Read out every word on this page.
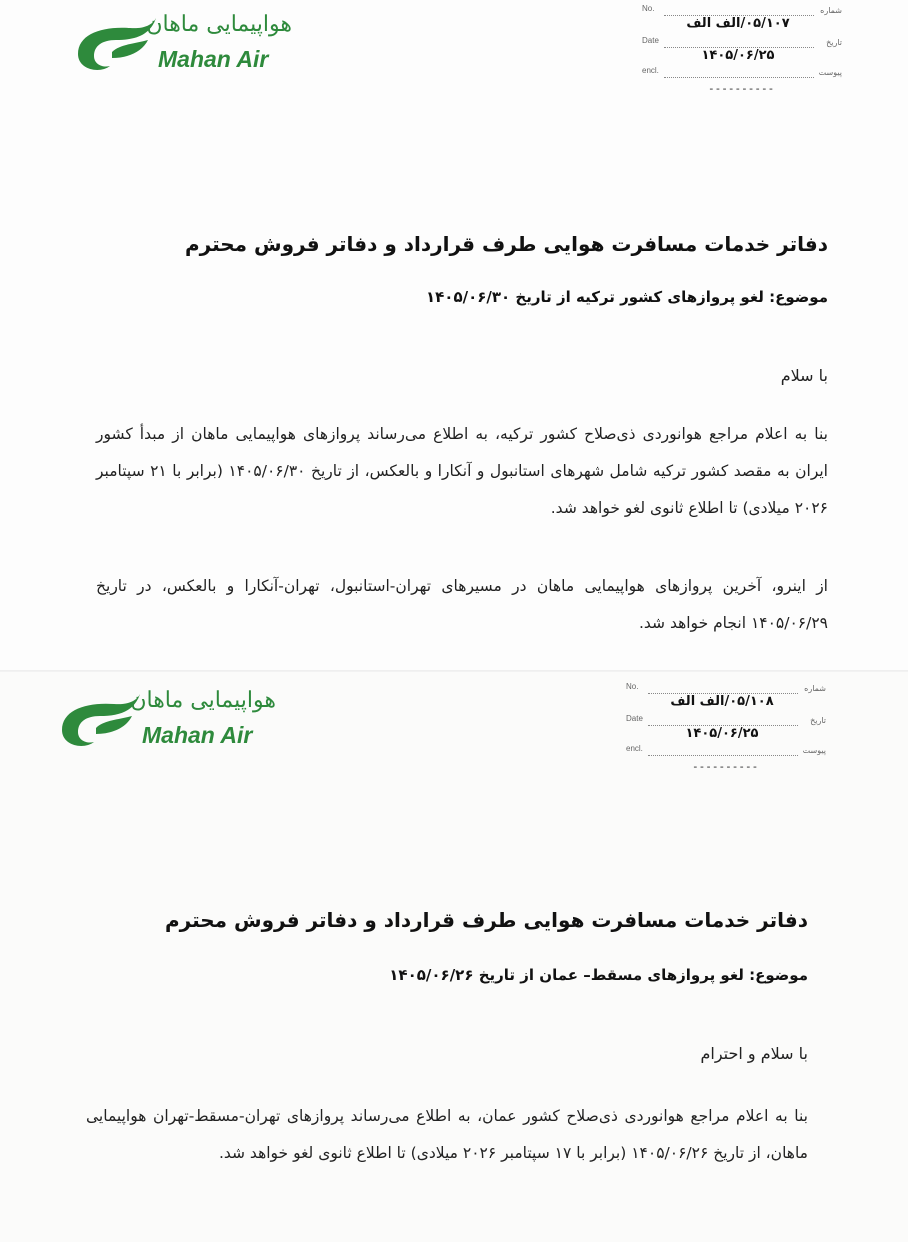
هواپیمایی ماهان
Mahan Air
No.	شماره
۰۵/۱۰۷/الف الف
Date	تاریخ
۱۴۰۵/۰۶/۲۵
encl.	پیوست
----------
دفاتر خدمات مسافرت هوایی طرف قرارداد و دفاتر فروش محترم
موضوع: لغو پروازهای کشور ترکیه از تاریخ ۱۴۰۵/۰۶/۳۰
با سلام
بنا به اعلام مراجع هوانوردی ذی‌صلاح کشور ترکیه، به اطلاع می‌رساند پروازهای هواپیمایی ماهان از مبدأ کشور ایران به مقصد کشور ترکیه شامل شهرهای استانبول و آنکارا و بالعکس، از تاریخ ۱۴۰۵/۰۶/۳۰ (برابر با ۲۱ سپتامبر ۲۰۲۶ میلادی) تا اطلاع ثانوی لغو خواهد شد.
از اینرو، آخرین پروازهای هواپیمایی ماهان در مسیرهای تهران-استانبول، تهران-آنکارا و بالعکس، در تاریخ ۱۴۰۵/۰۶/۲۹ انجام خواهد شد.
هواپیمایی ماهان
Mahan Air
No.	شماره
۰۵/۱۰۸/الف الف
Date	تاریخ
۱۴۰۵/۰۶/۲۵
encl.	پیوست
----------
دفاتر خدمات مسافرت هوایی طرف قرارداد و دفاتر فروش محترم
موضوع: لغو پروازهای مسقط– عمان از تاریخ ۱۴۰۵/۰۶/۲۶
با سلام و احترام
بنا به اعلام مراجع هوانوردی ذی‌صلاح کشور عمان، به اطلاع می‌رساند پروازهای تهران-مسقط-تهران هواپیمایی ماهان، از تاریخ ۱۴۰۵/۰۶/۲۶ (برابر با ۱۷ سپتامبر ۲۰۲۶ میلادی) تا اطلاع ثانوی لغو خواهد شد.
